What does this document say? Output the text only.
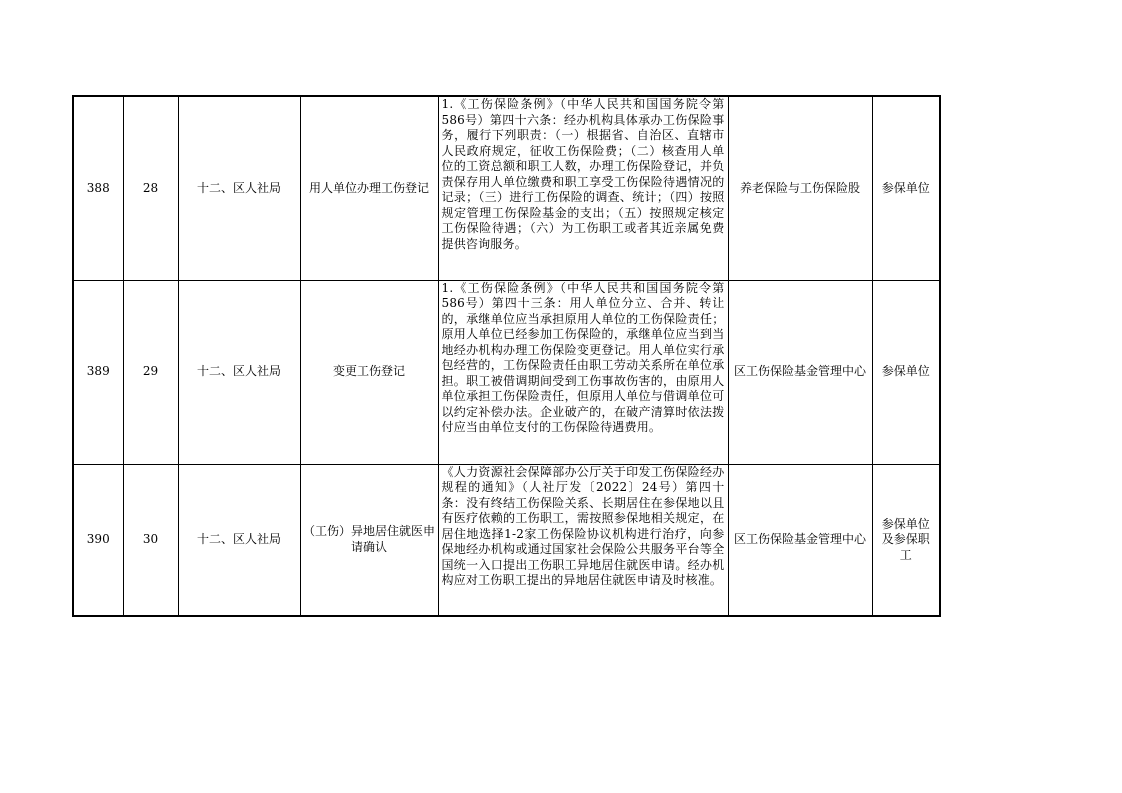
388	28	十二、区人社局	用人单位办理工伤登记	1.《工伤保险条例》（中华人民共和国国务院令第586号）第四十六条：经办机构具体承办工伤保险事务，履行下列职责：（一）根据省、自治区、直辖市人民政府规定，征收工伤保险费；（二）核查用人单位的工资总额和职工人数，办理工伤保险登记，并负责保存用人单位缴费和职工享受工伤保险待遇情况的记录；（三）进行工伤保险的调查、统计；（四）按照规定管理工伤保险基金的支出；（五）按照规定核定工伤保险待遇；（六）为工伤职工或者其近亲属免费提供咨询服务。	养老保险与工伤保险股	参保单位
389	29	十二、区人社局	变更工伤登记	1.《工伤保险条例》（中华人民共和国国务院令第586号）第四十三条：用人单位分立、合并、转让的，承继单位应当承担原用人单位的工伤保险责任；原用人单位已经参加工伤保险的，承继单位应当到当地经办机构办理工伤保险变更登记。用人单位实行承包经营的，工伤保险责任由职工劳动关系所在单位承担。职工被借调期间受到工伤事故伤害的，由原用人单位承担工伤保险责任，但原用人单位与借调单位可以约定补偿办法。企业破产的，在破产清算时依法拨付应当由单位支付的工伤保险待遇费用。	区工伤保险基金管理中心	参保单位
390	30	十二、区人社局	（工伤）异地居住就医申请确认	《人力资源社会保障部办公厅关于印发工伤保险经办规程的通知》（人社厅发〔2022〕24号）第四十条：没有终结工伤保险关系、长期居住在参保地以且有医疗依赖的工伤职工，需按照参保地相关规定，在居住地选择1-2家工伤保险协议机构进行治疗，向参保地经办机构或通过国家社会保险公共服务平台等全国统一入口提出工伤职工异地居住就医申请。经办机构应对工伤职工提出的异地居住就医申请及时核准。	区工伤保险基金管理中心	参保单位及参保职工
